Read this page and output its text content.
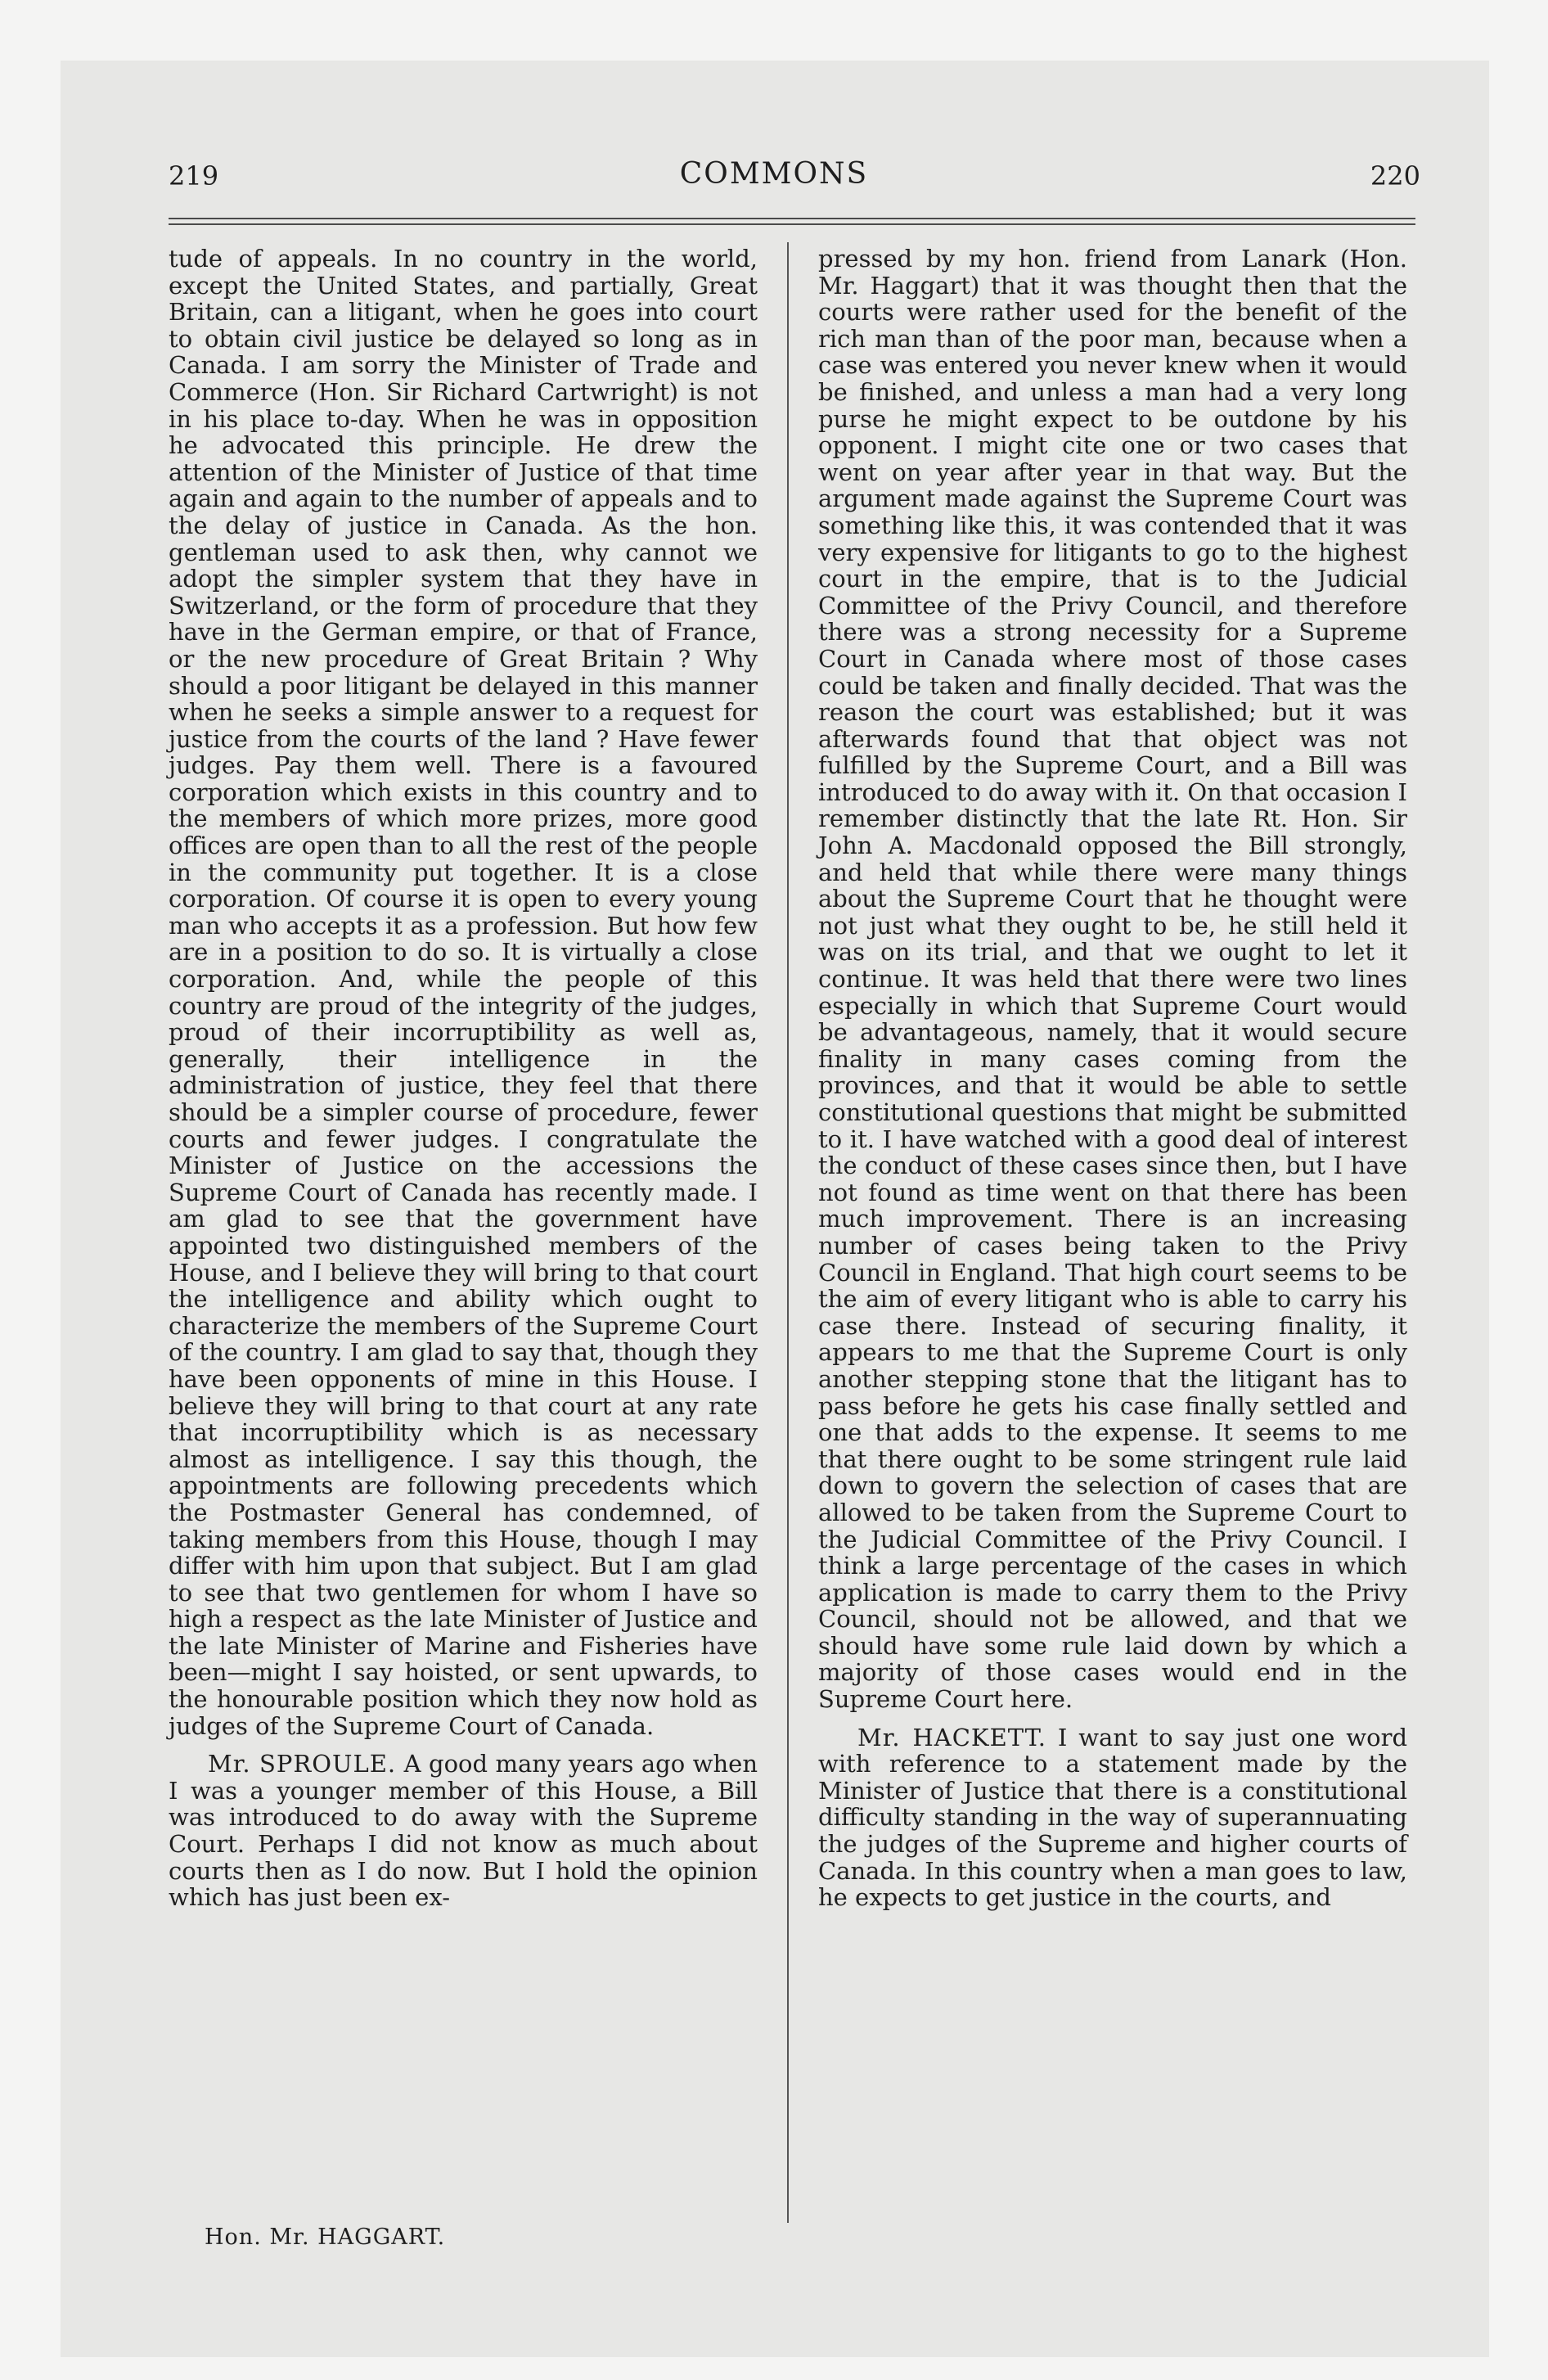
219	COMMONS	220

tude of appeals. In no country in the world, except the United States, and partially, Great Britain, can a litigant, when he goes into court to obtain civil justice be delayed so long as in Canada. I am sorry the Minister of Trade and Commerce (Hon. Sir Richard Cartwright) is not in his place to-day. When he was in opposition he advocated this principle. He drew the attention of the Minister of Justice of that time again and again to the number of appeals and to the delay of justice in Canada. As the hon. gentleman used to ask then, why cannot we adopt the simpler system that they have in Switzerland, or the form of procedure that they have in the German empire, or that of France, or the new procedure of Great Britain ? Why should a poor litigant be delayed in this manner when he seeks a simple answer to a request for justice from the courts of the land ? Have fewer judges. Pay them well. There is a favoured corporation which exists in this country and to the members of which more prizes, more good offices are open than to all the rest of the people in the community put together. It is a close corporation. Of course it is open to every young man who accepts it as a profession. But how few are in a position to do so. It is virtually a close corporation. And, while the people of this country are proud of the integrity of the judges, proud of their incorruptibility as well as, generally, their intelligence in the administration of justice, they feel that there should be a simpler course of procedure, fewer courts and fewer judges. I congratulate the Minister of Justice on the accessions the Supreme Court of Canada has recently made. I am glad to see that the government have appointed two distinguished members of the House, and I believe they will bring to that court the intelligence and ability which ought to characterize the members of the Supreme Court of the country. I am glad to say that, though they have been opponents of mine in this House. I believe they will bring to that court at any rate that incorruptibility which is as necessary almost as intelligence. I say this though, the appointments are following precedents which the Postmaster General has condemned, of taking members from this House, though I may differ with him upon that subject. But I am glad to see that two gentlemen for whom I have so high a respect as the late Minister of Justice and the late Minister of Marine and Fisheries have been—might I say hoisted, or sent upwards, to the honourable position which they now hold as judges of the Supreme Court of Canada.

Mr. SPROULE. A good many years ago when I was a younger member of this House, a Bill was introduced to do away with the Supreme Court. Perhaps I did not know as much about courts then as I do now. But I hold the opinion which has just been ex-

pressed by my hon. friend from Lanark (Hon. Mr. Haggart) that it was thought then that the courts were rather used for the benefit of the rich man than of the poor man, because when a case was entered you never knew when it would be finished, and unless a man had a very long purse he might expect to be outdone by his opponent. I might cite one or two cases that went on year after year in that way. But the argument made against the Supreme Court was something like this, it was contended that it was very expensive for litigants to go to the highest court in the empire, that is to the Judicial Committee of the Privy Council, and therefore there was a strong necessity for a Supreme Court in Canada where most of those cases could be taken and finally decided. That was the reason the court was established; but it was afterwards found that that object was not fulfilled by the Supreme Court, and a Bill was introduced to do away with it. On that occasion I remember distinctly that the late Rt. Hon. Sir John A. Macdonald opposed the Bill strongly, and held that while there were many things about the Supreme Court that he thought were not just what they ought to be, he still held it was on its trial, and that we ought to let it continue. It was held that there were two lines especially in which that Supreme Court would be advantageous, namely, that it would secure finality in many cases coming from the provinces, and that it would be able to settle constitutional questions that might be submitted to it. I have watched with a good deal of interest the conduct of these cases since then, but I have not found as time went on that there has been much improvement. There is an increasing number of cases being taken to the Privy Council in England. That high court seems to be the aim of every litigant who is able to carry his case there. Instead of securing finality, it appears to me that the Supreme Court is only another stepping stone that the litigant has to pass before he gets his case finally settled and one that adds to the expense. It seems to me that there ought to be some stringent rule laid down to govern the selection of cases that are allowed to be taken from the Supreme Court to the Judicial Committee of the Privy Council. I think a large percentage of the cases in which application is made to carry them to the Privy Council, should not be allowed, and that we should have some rule laid down by which a majority of those cases would end in the Supreme Court here.

Mr. HACKETT. I want to say just one word with reference to a statement made by the Minister of Justice that there is a constitutional difficulty standing in the way of superannuating the judges of the Supreme and higher courts of Canada. In this country when a man goes to law, he expects to get justice in the courts, and

Hon. Mr. HAGGART.
